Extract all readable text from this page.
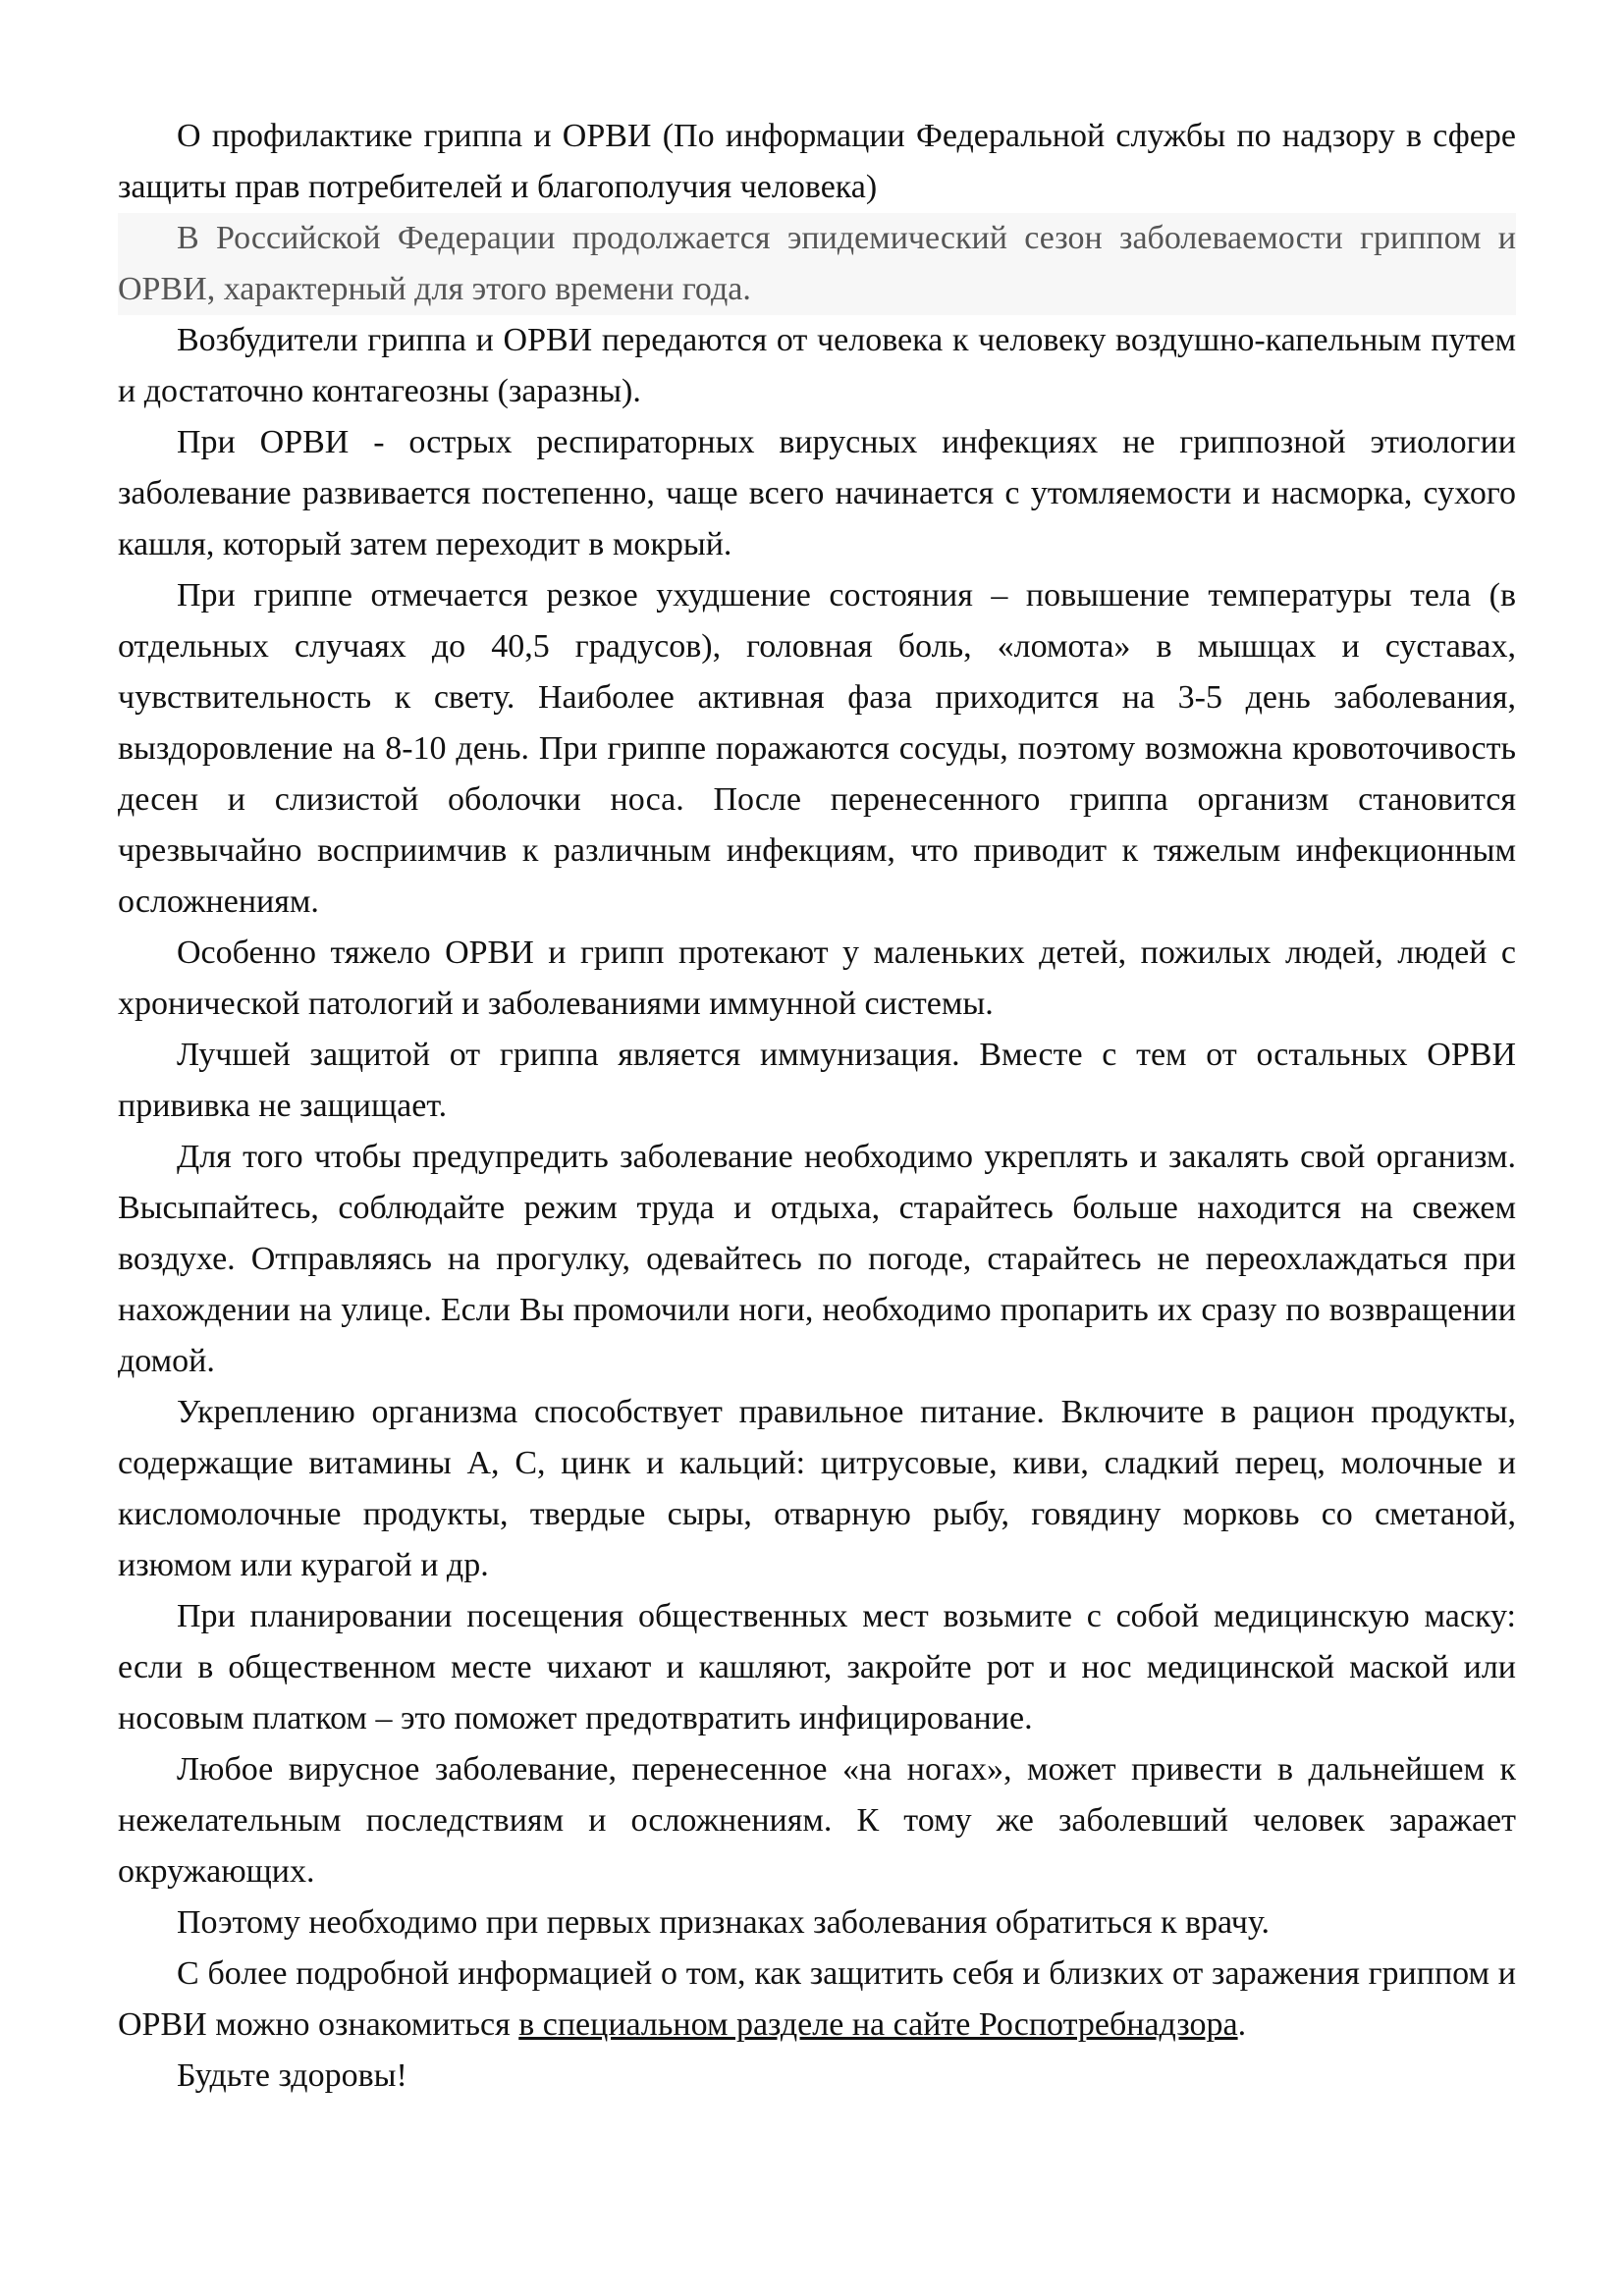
О профилактике гриппа и ОРВИ (По информации Федеральной службы по надзору в сфере защиты прав потребителей и благополучия человека)

В Российской Федерации продолжается эпидемический сезон заболеваемости гриппом и ОРВИ, характерный для этого времени года.

Возбудители гриппа и ОРВИ передаются от человека к человеку воздушно-капельным путем и достаточно контагеозны (заразны).

При ОРВИ - острых респираторных вирусных инфекциях не гриппозной этиологии заболевание развивается постепенно, чаще всего начинается с утомляемости и насморка, сухого кашля, который затем переходит в мокрый.

При гриппе отмечается резкое ухудшение состояния – повышение температуры тела (в отдельных случаях до 40,5 градусов), головная боль, «ломота» в мышцах и суставах, чувствительность к свету. Наиболее активная фаза приходится на 3-5 день заболевания, выздоровление на 8-10 день. При гриппе поражаются сосуды, поэтому возможна кровоточивость десен и слизистой оболочки носа. После перенесенного гриппа организм становится чрезвычайно восприимчив к различным инфекциям, что приводит к тяжелым инфекционным осложнениям.

Особенно тяжело ОРВИ и грипп протекают у маленьких детей, пожилых людей, людей с хронической патологий и заболеваниями иммунной системы.

Лучшей защитой от гриппа является иммунизация. Вместе с тем от остальных ОРВИ прививка не защищает.

Для того чтобы предупредить заболевание необходимо укреплять и закалять свой организм. Высыпайтесь, соблюдайте режим труда и отдыха, старайтесь больше находится на свежем воздухе. Отправляясь на прогулку, одевайтесь по погоде, старайтесь не переохлаждаться при нахождении на улице. Если Вы промочили ноги, необходимо пропарить их сразу по возвращении домой.

Укреплению организма способствует правильное питание. Включите в рацион продукты, содержащие витамины А, С, цинк и кальций: цитрусовые, киви, сладкий перец, молочные и кисломолочные продукты, твердые сыры, отварную рыбу, говядину морковь со сметаной, изюмом или курагой и др.

При планировании посещения общественных мест возьмите с собой медицинскую маску: если в общественном месте чихают и кашляют, закройте рот и нос медицинской маской или носовым платком – это поможет предотвратить инфицирование.

Любое вирусное заболевание, перенесенное «на ногах», может привести в дальнейшем к нежелательным последствиям и осложнениям. К тому же заболевший человек заражает окружающих.

Поэтому необходимо при первых признаках заболевания обратиться к врачу.

С более подробной информацией о том, как защитить себя и близких от заражения гриппом и ОРВИ можно ознакомиться в специальном разделе на сайте Роспотребнадзора.

Будьте здоровы!
